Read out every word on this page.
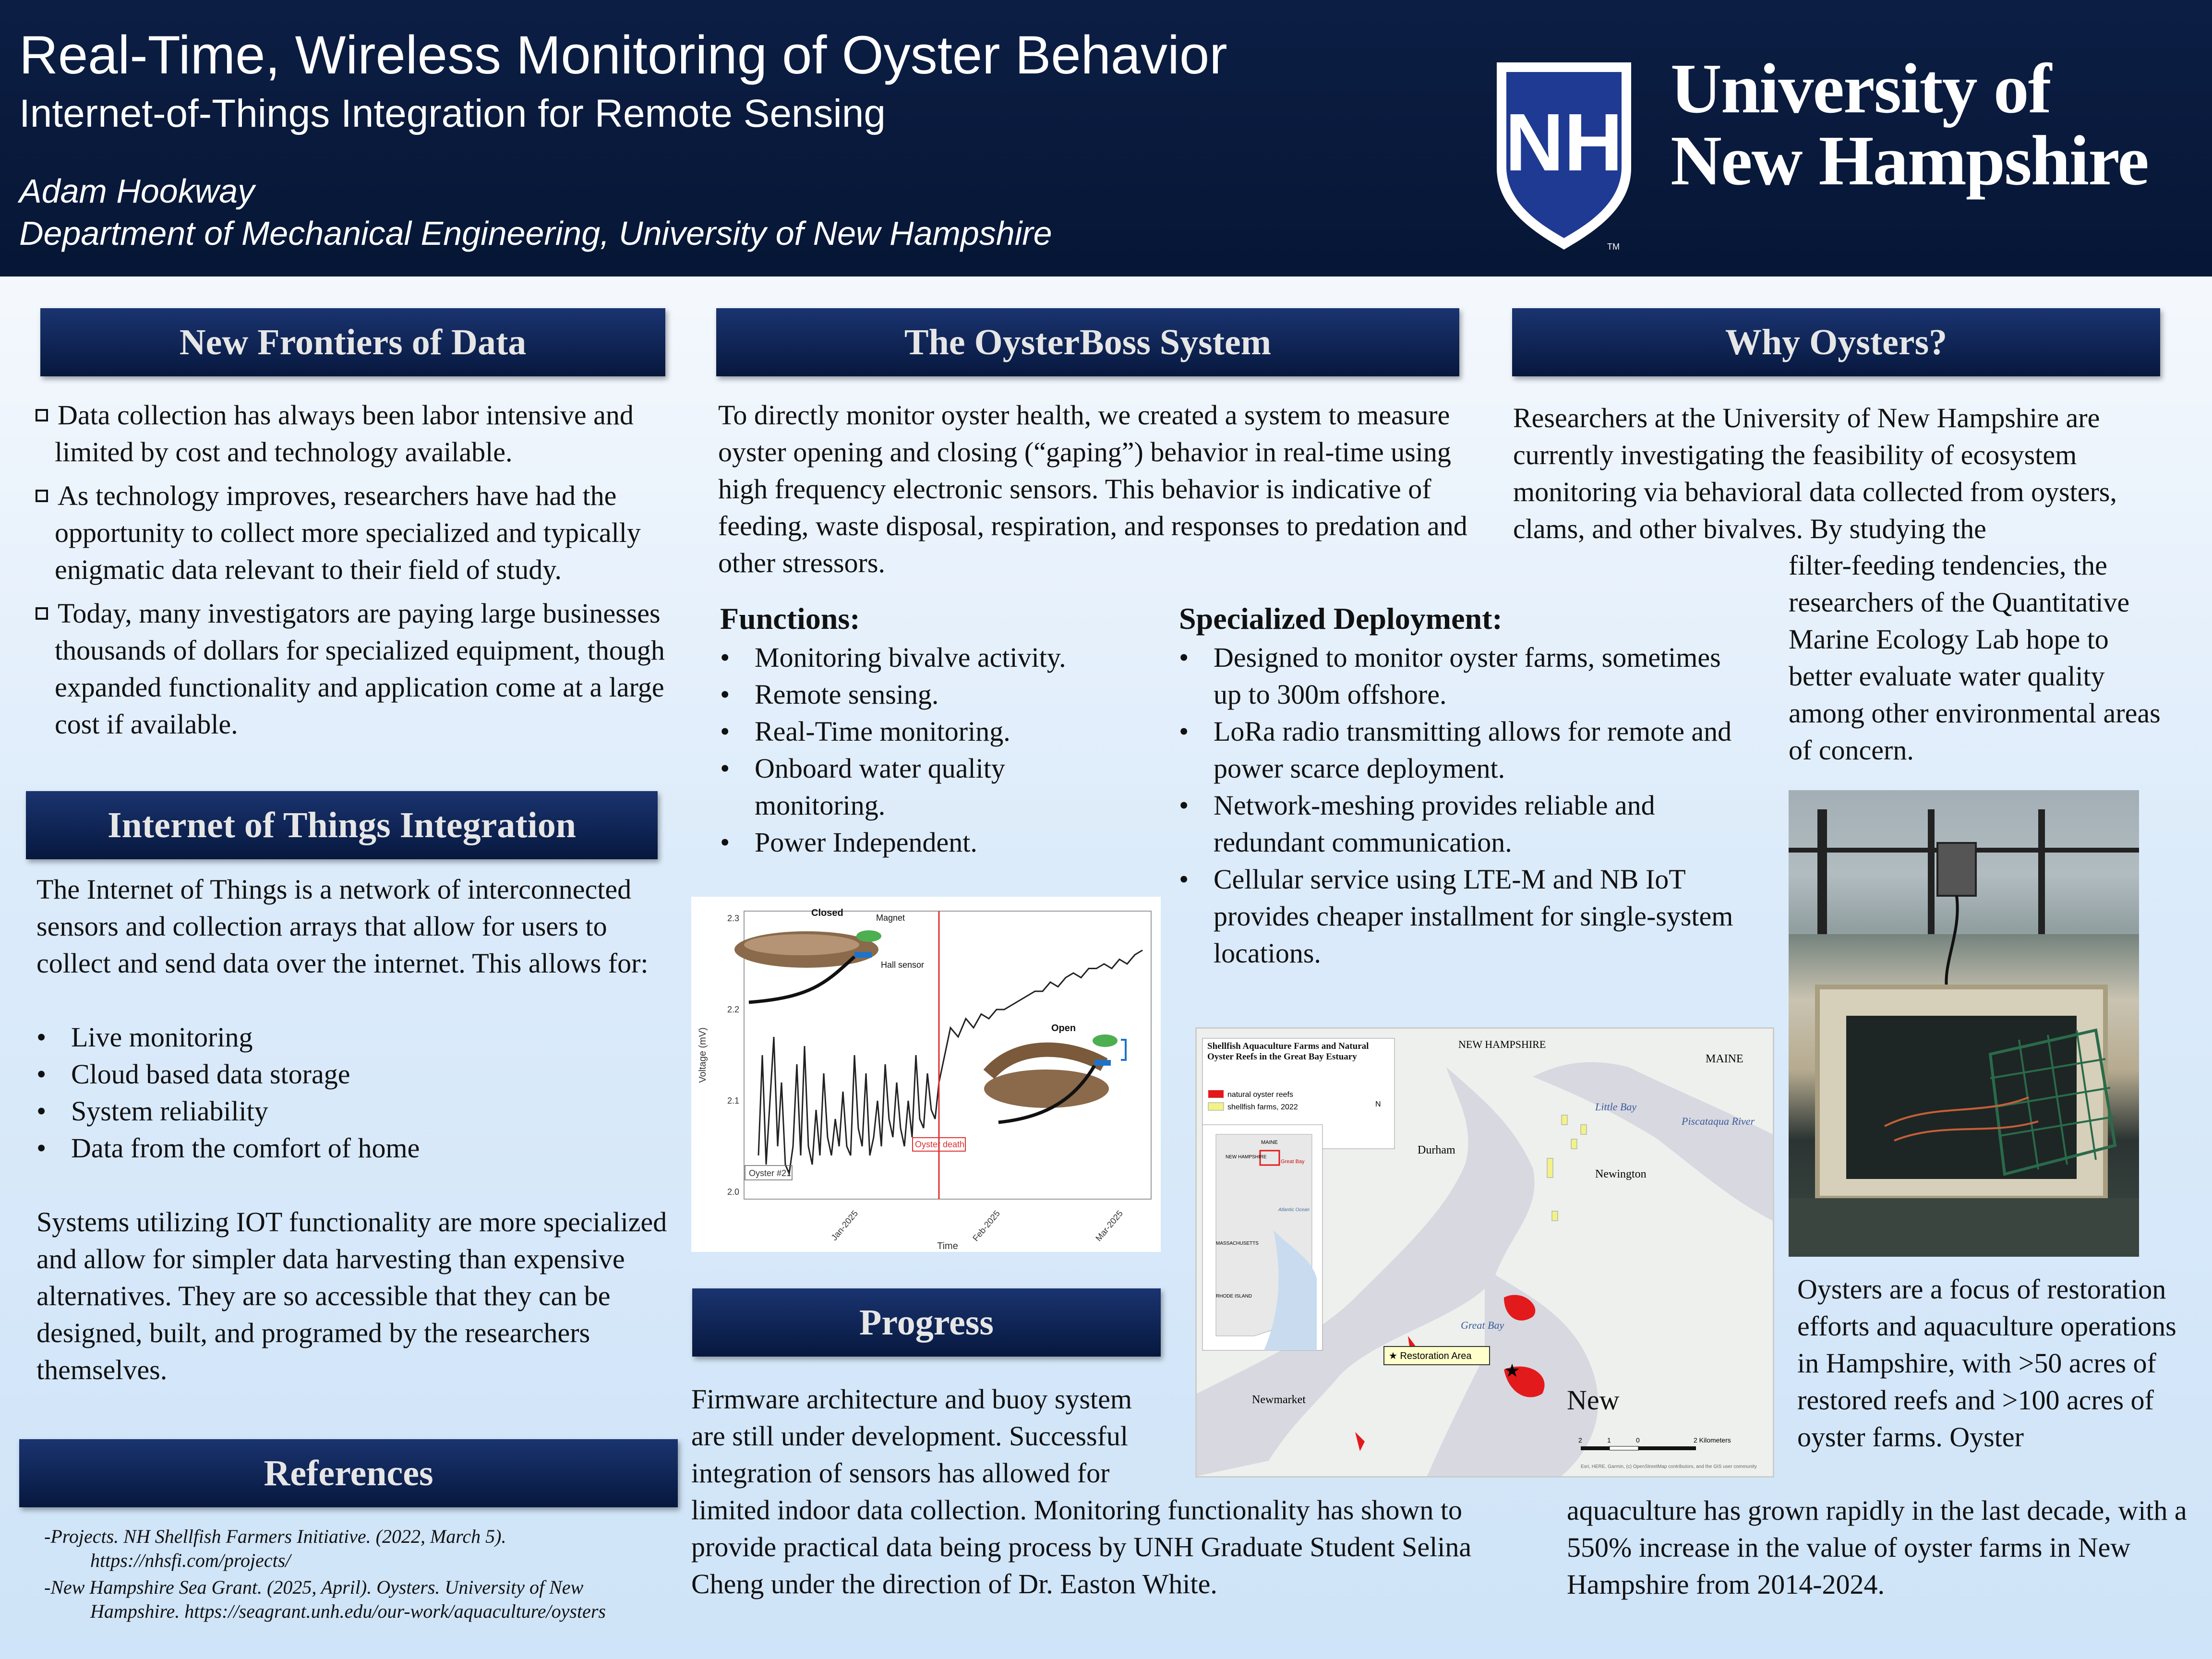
Real-Time, Wireless Monitoring of Oyster Behavior
Internet-of-Things Integration for Remote Sensing
Adam Hookway
Department of Mechanical Engineering, University of New Hampshire
NH
TM
University of
New Hampshire
New Frontiers of Data
Data collection has always been labor intensive and limited by cost and technology available.
As technology improves, researchers have had the opportunity to collect more specialized and typically enigmatic data relevant to their field of study.
Today, many investigators are paying large businesses thousands of dollars for specialized equipment, though expanded functionality and application come at a large cost if available.
Internet of Things Integration

The Internet of Things is a network of interconnected sensors and collection arrays that allow for users to collect and send data over the internet. This allows for:

• Live monitoring
• Cloud based data storage
• System reliability
• Data from the comfort of home

Systems utilizing IOT functionality are more specialized and allow for simpler data harvesting than expensive alternatives. They are so accessible that they can be designed, built, and programed by the researchers themselves.

References
-Projects. NH Shellfish Farmers Initiative. (2022, March 5).
https://nhsfi.com/projects/
-New Hampshire Sea Grant. (2025, April). Oysters. University of New
Hampshire. https://seagrant.unh.edu/our-work/aquaculture/oysters
The OysterBoss System
To directly monitor oyster health, we created a system to measure oyster opening and closing (“gaping”) behavior in real-time using high frequency electronic sensors. This behavior is indicative of feeding, waste disposal, respiration, and responses to predation and other stressors.
Functions:
• Monitoring bivalve activity.
• Remote sensing.
• Real-Time monitoring.
• Onboard water quality monitoring.
• Power Independent.
Specialized Deployment:
• Designed to monitor oyster farms, sometimes up to 300m offshore.
• LoRa radio transmitting allows for remote and power scarce deployment.
• Network-meshing provides reliable and redundant communication.
• Cellular service using LTE-M and NB IoT provides cheaper installment for single-system locations.
2.3
2.2
2.1
2.0
Jan-2025	Feb-2025	Mar-2025
Oyster death
Oyster #21
Voltage (mV)
Time
Closed	Magnet
Hall sensor
Open
Progress
Firmware architecture and buoy system
are still under development. Successful
integration of sensors has allowed for
limited indoor data collection. Monitoring functionality has shown to provide practical data being process by UNH Graduate Student Selina Cheng under the direction of Dr. Easton White.
Shellfish Aquaculture Farms and Natural Oyster Reefs in the Great Bay Estuary
natural oyster reefs
shellfish farms, 2022	N
MAINE
NEW HAMPSHIRE
Great Bay
Atlantic Ocean
MASSACHUSETTS
RHODE ISLAND
NEW HAMPSHIRE
MAINE
Durham
Little Bay
Piscataqua River
Newington
Great Bay
Newmarket
★ Restoration Area
★
2	1	0	2 Kilometers
Esri, HERE, Garmin, (c) OpenStreetMap contributors, and the GIS user community
Why Oysters?
Researchers at the University of New Hampshire are currently investigating the feasibility of ecosystem monitoring via behavioral data collected from oysters, clams, and other bivalves. By studying the
filter-feeding tendencies, the researchers of the Quantitative Marine Ecology Lab hope to better evaluate water quality among other environmental areas of concern.
Oysters are a focus of restoration efforts and aquaculture operations in Hampshire, with >50 acres of restored reefs and >100 acres of oyster farms. Oyster
New
aquaculture has grown rapidly in the last decade, with a 550% increase in the value of oyster farms in New Hampshire from 2014-2024.
